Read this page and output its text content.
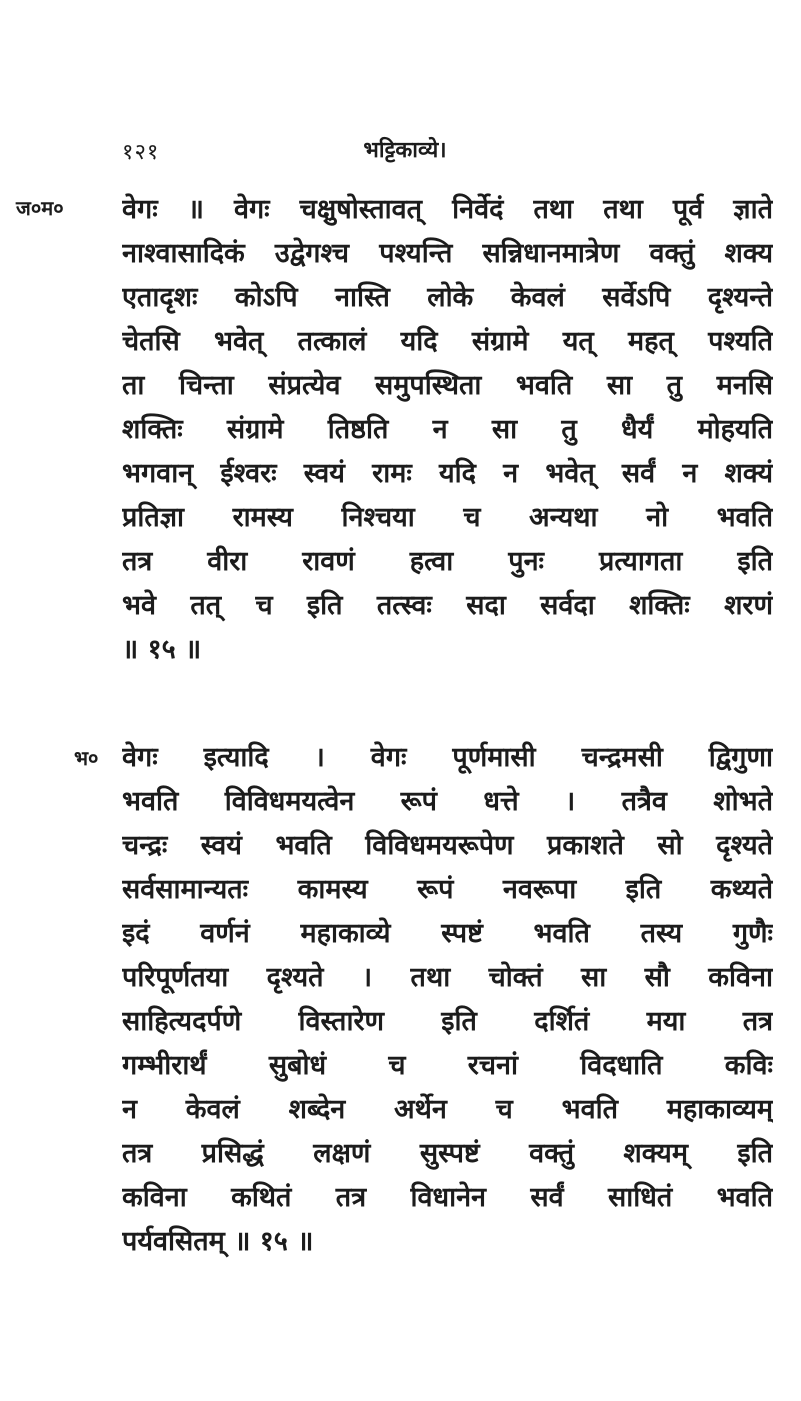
१२१	भट्टिकाव्ये।
ज०म० वेगः ॥ वेगः चक्षुषोस्तावत् निर्वेदं तथा तथा पूर्व ज्ञाते
नाश्वासादिकं उद्वेगश्च पश्यन्ति सन्निधानमात्रेण वक्तुं शक्य
एतादृशः कोऽपि नास्ति लोके केवलं सर्वेऽपि दृश्यन्ते
चेतसि भवेत् तत्कालं यदि संग्रामे यत् महत् पश्यति
ता चिन्ता संप्रत्येव समुपस्थिता भवति सा तु मनसि
शक्तिः संग्रामे तिष्ठति न सा तु धैर्यं मोहयति
भगवान् ईश्वरः स्वयं रामः यदि न भवेत् सर्वं न शक्यं
प्रतिज्ञा रामस्य निश्चया च अन्यथा नो भवति
तत्र वीरा रावणं हत्वा पुनः प्रत्यागता इति
भवे तत् च इति तत्स्वः सदा सर्वदा शक्तिः शरणं
॥ १५ ॥
भ० वेगः इत्यादि । वेगः पूर्णमासी चन्द्रमसी द्विगुणा
भवति विविधमयत्वेन रूपं धत्ते । तत्रैव शोभते
चन्द्रः स्वयं भवति विविधमयरूपेण प्रकाशते सो दृश्यते
सर्वसामान्यतः कामस्य रूपं नवरूपा इति कथ्यते
इदं वर्णनं महाकाव्ये स्पष्टं भवति तस्य गुणैः
परिपूर्णतया दृश्यते । तथा चोक्तं सा सौ कविना
साहित्यदर्पणे विस्तारेण इति दर्शितं मया तत्र
गम्भीरार्थं सुबोधं च रचनां विदधाति कविः
न केवलं शब्देन अर्थेन च भवति महाकाव्यम्
तत्र प्रसिद्धं लक्षणं सुस्पष्टं वक्तुं शक्यम् इति
कविना कथितं तत्र विधानेन सर्वं साधितं भवति
पर्यवसितम् ॥ १५ ॥
